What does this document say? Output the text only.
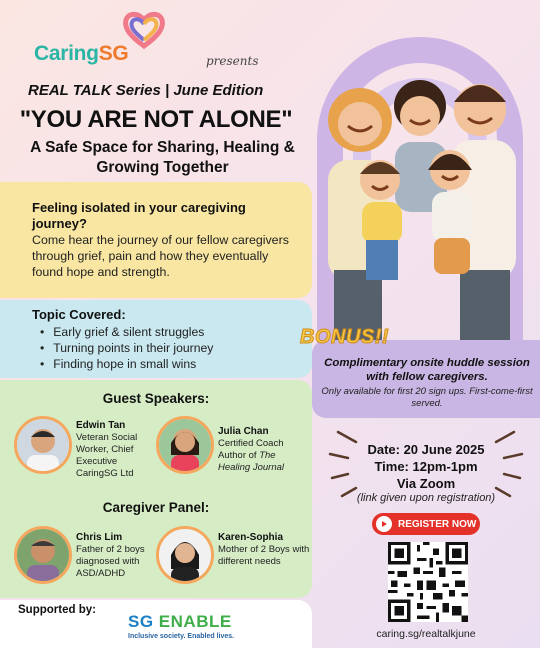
CaringSG	presents
REAL TALK Series | June Edition
"YOU ARE NOT ALONE"
A Safe Space for Sharing, Healing & Growing Together
Feeling isolated in your caregiving journey?
Come hear the journey of our fellow caregivers through grief, pain and how they eventually found hope and strength.
Topic Covered:
• Early grief & silent struggles
• Turning points in their journey
• Finding hope in small wins
Guest Speakers:
Edwin Tan
Veteran Social Worker, Chief Executive CaringSG Ltd
Julia Chan
Certified Coach
Author of The Healing Journal
Caregiver Panel:
Chris Lim
Father of 2 boys diagnosed with ASD/ADHD
Karen-Sophia
Mother of 2 Boys with different needs
Supported by:
SG ENABLE
Inclusive society. Enabled lives.
BONUS!!
Complimentary onsite huddle session with fellow caregivers.
Only available for first 20 sign ups. First-come-first served.
Date: 20 June 2025
Time: 12pm-1pm
Via Zoom
(link given upon registration)
REGISTER NOW
caring.sg/realtalkjune
